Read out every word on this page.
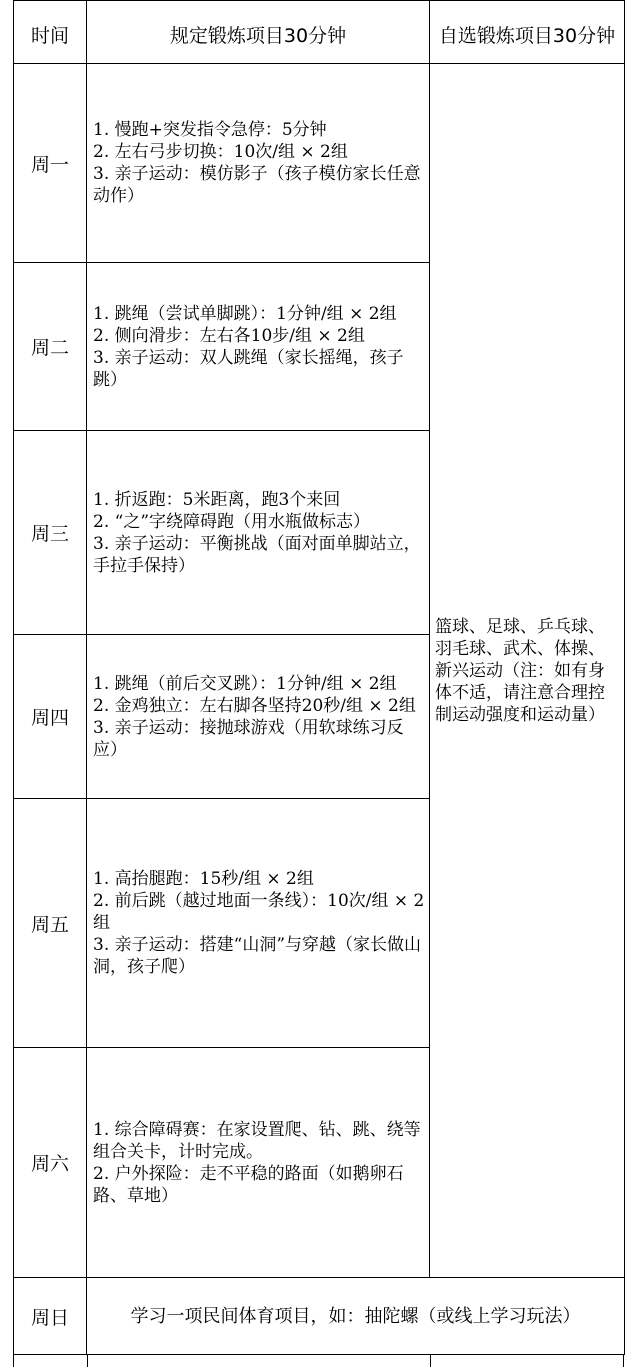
时间	规定锻炼项目30分钟	自选锻炼项目30分钟
周一	1. 慢跑+突发指令急停：5分钟
2. 左右弓步切换：10次/组 × 2组
3. 亲子运动：模仿影子（孩子模仿家长任意动作）	篮球、足球、乒乓球、羽毛球、武术、体操、新兴运动（注：如有身体不适，请注意合理控制运动强度和运动量）
周二	1. 跳绳（尝试单脚跳）：1分钟/组 × 2组
2. 侧向滑步：左右各10步/组 × 2组
3. 亲子运动：双人跳绳（家长摇绳，孩子跳）	

周三	1. 折返跑：5米距离，跑3个来回
2. “之”字绕障碍跑（用水瓶做标志）
3. 亲子运动：平衡挑战（面对面单脚站立，手拉手保持）	

周四	1. 跳绳（前后交叉跳）：1分钟/组 × 2组
2. 金鸡独立：左右脚各坚持20秒/组 × 2组
3. 亲子运动：接抛球游戏（用软球练习反应）	

周五	1. 高抬腿跑：15秒/组 × 2组
2. 前后跳（越过地面一条线）：10次/组 × 2组
3. 亲子运动：搭建“山洞”与穿越（家长做山洞，孩子爬）	

周六	1. 综合障碍赛：在家设置爬、钻、跳、绕等组合关卡，计时完成。
2. 户外探险：走不平稳的路面（如鹅卵石路、草地）	

周日	学习一项民间体育项目，如：抽陀螺（或线上学习玩法）	
